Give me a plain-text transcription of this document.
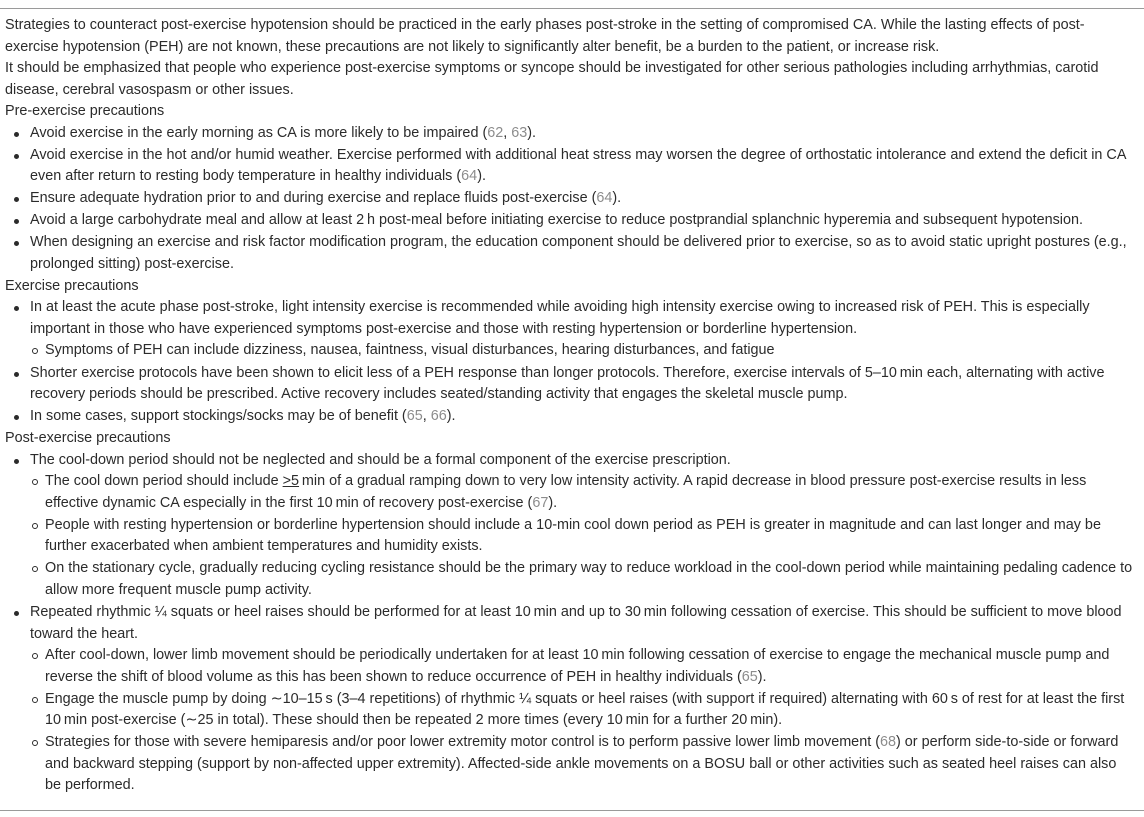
Strategies to counteract post-exercise hypotension should be practiced in the early phases post-stroke in the setting of compromised CA. While the lasting effects of post-exercise hypotension (PEH) are not known, these precautions are not likely to significantly alter benefit, be a burden to the patient, or increase risk.

It should be emphasized that people who experience post-exercise symptoms or syncope should be investigated for other serious pathologies including arrhythmias, carotid disease, cerebral vasospasm or other issues.

Pre-exercise precautions
Avoid exercise in the early morning as CA is more likely to be impaired (62, 63).
Avoid exercise in the hot and/or humid weather. Exercise performed with additional heat stress may worsen the degree of orthostatic intolerance and extend the deficit in CA even after return to resting body temperature in healthy individuals (64).
Ensure adequate hydration prior to and during exercise and replace fluids post-exercise (64).
Avoid a large carbohydrate meal and allow at least 2 h post-meal before initiating exercise to reduce postprandial splanchnic hyperemia and subsequent hypotension.
When designing an exercise and risk factor modification program, the education component should be delivered prior to exercise, so as to avoid static upright postures (e.g., prolonged sitting) post-exercise.
Exercise precautions
In at least the acute phase post-stroke, light intensity exercise is recommended while avoiding high intensity exercise owing to increased risk of PEH. This is especially important in those who have experienced symptoms post-exercise and those with resting hypertension or borderline hypertension.
Symptoms of PEH can include dizziness, nausea, faintness, visual disturbances, hearing disturbances, and fatigue
Shorter exercise protocols have been shown to elicit less of a PEH response than longer protocols. Therefore, exercise intervals of 5–10 min each, alternating with active recovery periods should be prescribed. Active recovery includes seated/standing activity that engages the skeletal muscle pump.
In some cases, support stockings/socks may be of benefit (65, 66).
Post-exercise precautions
The cool-down period should not be neglected and should be a formal component of the exercise prescription.
The cool down period should include >5 min of a gradual ramping down to very low intensity activity. A rapid decrease in blood pressure post-exercise results in less effective dynamic CA especially in the first 10 min of recovery post-exercise (67).
People with resting hypertension or borderline hypertension should include a 10-min cool down period as PEH is greater in magnitude and can last longer and may be further exacerbated when ambient temperatures and humidity exists.
On the stationary cycle, gradually reducing cycling resistance should be the primary way to reduce workload in the cool-down period while maintaining pedaling cadence to allow more frequent muscle pump activity.
Repeated rhythmic ¼ squats or heel raises should be performed for at least 10 min and up to 30 min following cessation of exercise. This should be sufficient to move blood toward the heart.
After cool-down, lower limb movement should be periodically undertaken for at least 10 min following cessation of exercise to engage the mechanical muscle pump and reverse the shift of blood volume as this has been shown to reduce occurrence of PEH in healthy individuals (65).
Engage the muscle pump by doing ∼10–15 s (3–4 repetitions) of rhythmic ¼ squats or heel raises (with support if required) alternating with 60 s of rest for at least the first 10 min post-exercise (∼25 in total). These should then be repeated 2 more times (every 10 min for a further 20 min).
Strategies for those with severe hemiparesis and/or poor lower extremity motor control is to perform passive lower limb movement (68) or perform side-to-side or forward and backward stepping (support by non-affected upper extremity). Affected-side ankle movements on a BOSU ball or other activities such as seated heel raises can also be performed.
